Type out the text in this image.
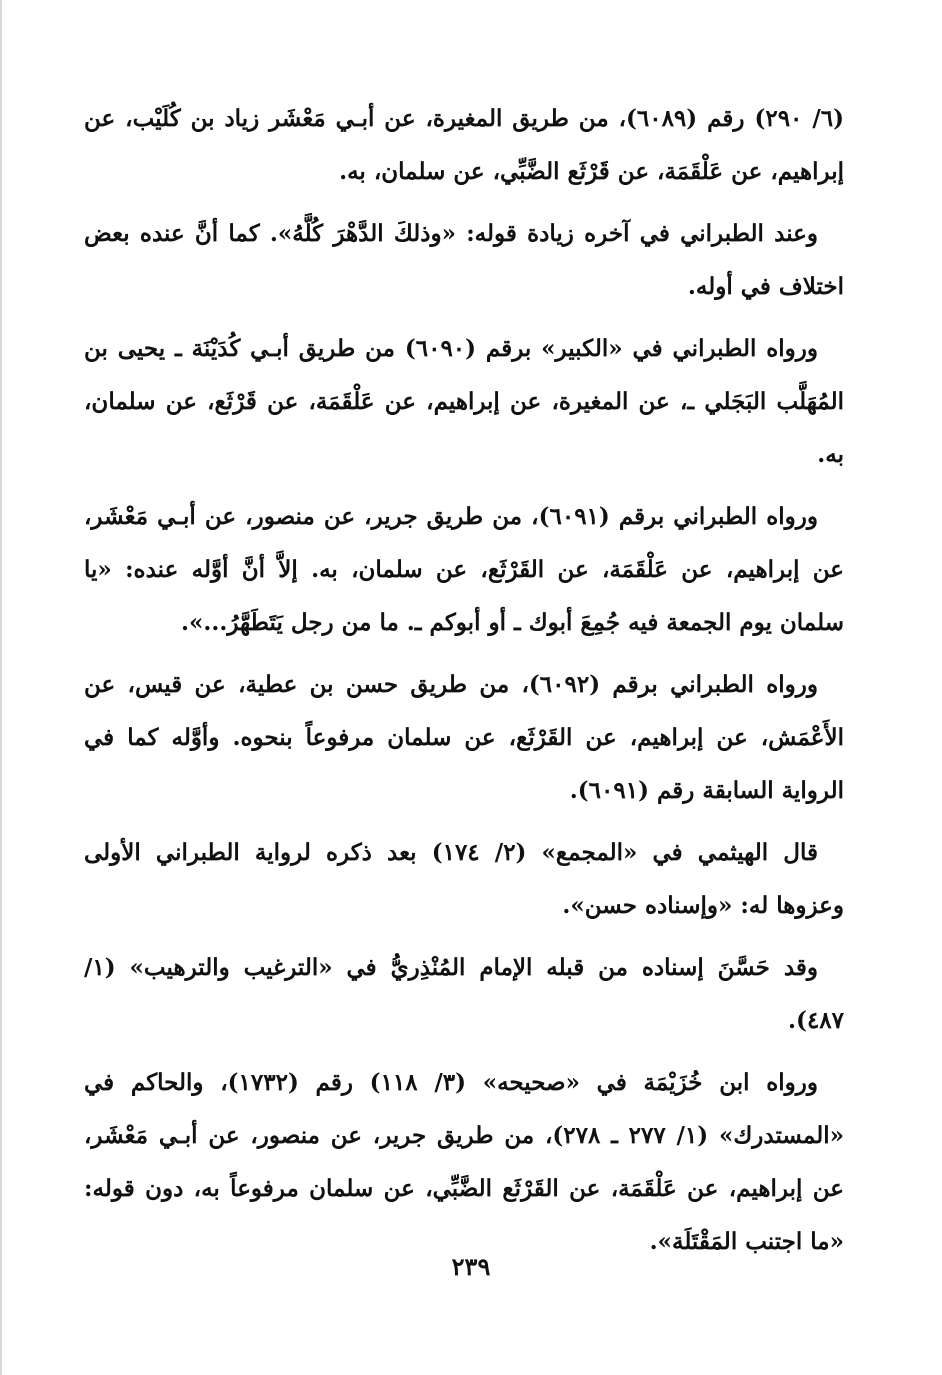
(٦/ ٢٩٠) رقم (٦٠٨٩)، من طريق المغيرة، عن أبـي مَعْشَر زياد بن كُلَيْب، عن إبراهيم، عن عَلْقَمَة، عن قَرْثَع الضَّبِّي، عن سلمان، به.

وعند الطبراني في آخره زيادة قوله: «وذلكَ الدَّهْرَ كُلَّهُ». كما أنَّ عنده بعض اختلاف في أوله.

ورواه الطبراني في «الكبير» برقم (٦٠٩٠) من طريق أبـي كُدَيْنَة ـ يحيى بن المُهَلَّب البَجَلي ـ، عن المغيرة، عن إبراهيم، عن عَلْقَمَة، عن قَرْثَع، عن سلمان، به.

ورواه الطبراني برقم (٦٠٩١)، من طريق جرير، عن منصور، عن أبـي مَعْشَر، عن إبراهيم، عن عَلْقَمَة، عن القَرْثَع، عن سلمان، به. إلاَّ أنَّ أوَّله عنده: «يا سلمان يوم الجمعة فيه جُمِعَ أبوك ـ أو أبوكم ـ. ما من رجل يَتَطَهَّرُ...».

ورواه الطبراني برقم (٦٠٩٢)، من طريق حسن بن عطية، عن قيس، عن الأَعْمَش، عن إبراهيم، عن القَرْثَع، عن سلمان مرفوعاً بنحوه. وأوَّله كما في الرواية السابقة رقم (٦٠٩١).

قال الهيثمي في «المجمع» (٢/ ١٧٤) بعد ذكره لرواية الطبراني الأولى وعزوها له: «وإسناده حسن».

وقد حَسَّنَ إسناده من قبله الإمام المُنْذِريُّ في «الترغيب والترهيب» (١/ ٤٨٧).

ورواه ابن خُزَيْمَة في «صحيحه» (٣/ ١١٨) رقم (١٧٣٢)، والحاكم في «المستدرك» (١/ ٢٧٧ ـ ٢٧٨)، من طريق جرير، عن منصور، عن أبـي مَعْشَر، عن إبراهيم، عن عَلْقَمَة، عن القَرْثَع الضَّبِّي، عن سلمان مرفوعاً به، دون قوله: «ما اجتنب المَقْتَلَة».

٢٣٩
